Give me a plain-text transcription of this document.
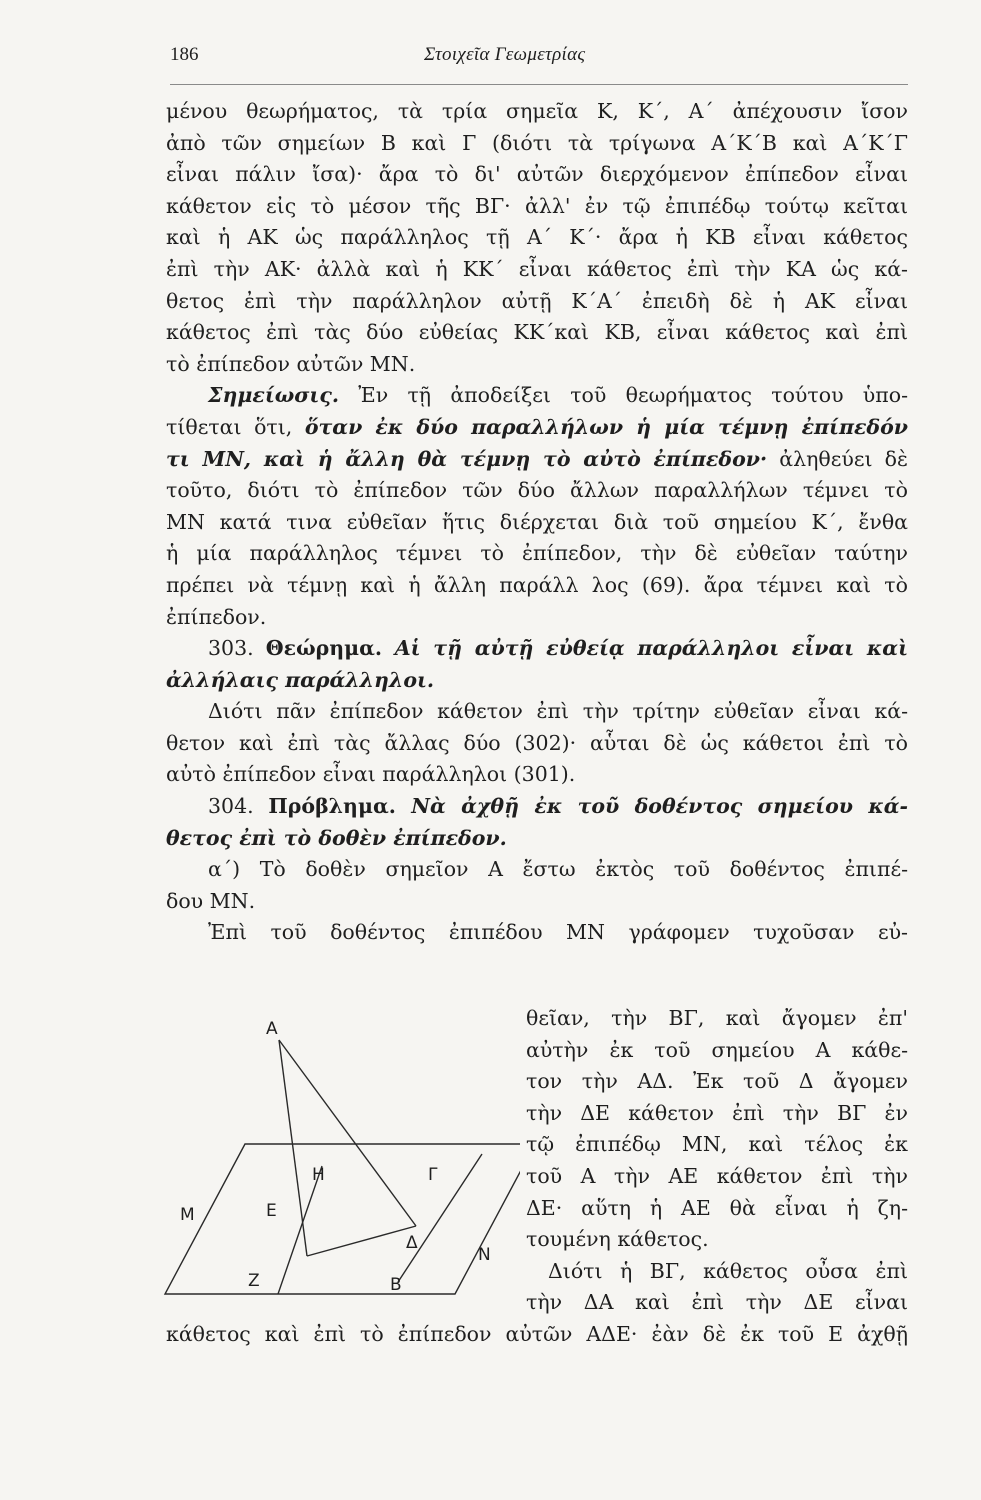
186	Στοιχεῖα Γεωμετρίας
μένου θεωρήματος, τὰ τρία σημεῖα Κ, Κ΄, Α΄ ἀπέχουσιν ἴσον
ἀπὸ τῶν σημείων Β καὶ Γ (διότι τὰ τρίγωνα Α΄Κ΄Β καὶ Α΄Κ΄Γ
εἶναι πάλιν ἴσα)· ἄρα τὸ δι' αὐτῶν διερχόμενον ἐπίπεδον εἶναι
κάθετον εἰς τὸ μέσον τῆς ΒΓ· ἀλλ' ἐν τῷ ἐπιπέδῳ τούτῳ κεῖται
καὶ ἡ ΑΚ ὡς παράλληλος τῇ Α΄ Κ΄· ἄρα ἡ ΚΒ εἶναι κάθετος
ἐπὶ τὴν ΑΚ· ἀλλὰ καὶ ἡ ΚΚ΄ εἶναι κάθετος ἐπὶ τὴν ΚΑ ὡς κά-
θετος ἐπὶ τὴν παράλληλον αὐτῇ Κ΄Α΄ ἐπειδὴ δὲ ἡ ΑΚ εἶναι
κάθετος ἐπὶ τὰς δύο εὐθείας ΚΚ΄καὶ ΚΒ, εἶναι κάθετος καὶ ἐπὶ
τὸ ἐπίπεδον αὐτῶν ΜΝ.
Σημείωσις. Ἐν τῇ ἀποδείξει τοῦ θεωρήματος τούτου ὑπο-
τίθεται ὅτι, ὅταν ἐκ δύο παραλλήλων ἡ μία τέμνῃ ἐπίπεδόν
τι ΜΝ, καὶ ἡ ἄλλη θὰ τέμνῃ τὸ αὐτὸ ἐπίπεδον· ἀληθεύει δὲ
τοῦτο, διότι τὸ ἐπίπεδον τῶν δύο ἄλλων παραλλήλων τέμνει τὸ
ΜΝ κατά τινα εὐθεῖαν ἥτις διέρχεται διὰ τοῦ σημείου Κ΄, ἔνθα
ἡ μία παράλληλος τέμνει τὸ ἐπίπεδον, τὴν δὲ εὐθεῖαν ταύτην
πρέπει νὰ τέμνῃ καὶ ἡ ἄλλη παράλλ λος (69). ἄρα τέμνει καὶ τὸ
ἐπίπεδον.
303. Θεώρημα. Αἱ τῇ αὐτῇ εὐθείᾳ παράλληλοι εἶναι καὶ
ἀλλήλαις παράλληλοι.
Διότι πᾶν ἐπίπεδον κάθετον ἐπὶ τὴν τρίτην εὐθεῖαν εἶναι κά-
θετον καὶ ἐπὶ τὰς ἄλλας δύο (302)· αὗται δὲ ὡς κάθετοι ἐπὶ τὸ
αὐτὸ ἐπίπεδον εἶναι παράλληλοι (301).
304. Πρόβλημα. Νὰ ἀχθῇ ἐκ τοῦ δοθέντος σημείου κά-
θετος ἐπὶ τὸ δοθὲν ἐπίπεδον.
α΄) Τὸ δοθὲν σημεῖον Α ἔστω ἐκτὸς τοῦ δοθέντος ἐπιπέ-
δου ΜΝ.
Ἐπὶ τοῦ δοθέντος ἐπιπέδου ΜΝ γράφομεν τυχοῦσαν εὐ-
θεῖαν, τὴν ΒΓ, καὶ ἄγομεν ἐπ'
αὐτὴν ἐκ τοῦ σημείου Α κάθε-
τον τὴν ΑΔ. Ἐκ τοῦ Δ ἄγομεν
τὴν ΔΕ κάθετον ἐπὶ τὴν ΒΓ ἐν
τῷ ἐπιπέδῳ ΜΝ, καὶ τέλος ἐκ
τοῦ Α τὴν ΑΕ κάθετον ἐπὶ τὴν
ΔΕ· αὕτη ἡ ΑΕ θὰ εἶναι ἡ ζη-
τουμένη κάθετος.
Διότι ἡ ΒΓ, κάθετος οὖσα ἐπὶ
τὴν ΔΑ καὶ ἐπὶ τὴν ΔΕ εἶναι
A
H	Γ
M	E
Δ
N
Z	B
κάθετος καὶ ἐπὶ τὸ ἐπίπεδον αὐτῶν ΑΔΕ· ἐὰν δὲ ἐκ τοῦ Ε ἀχθῇ
